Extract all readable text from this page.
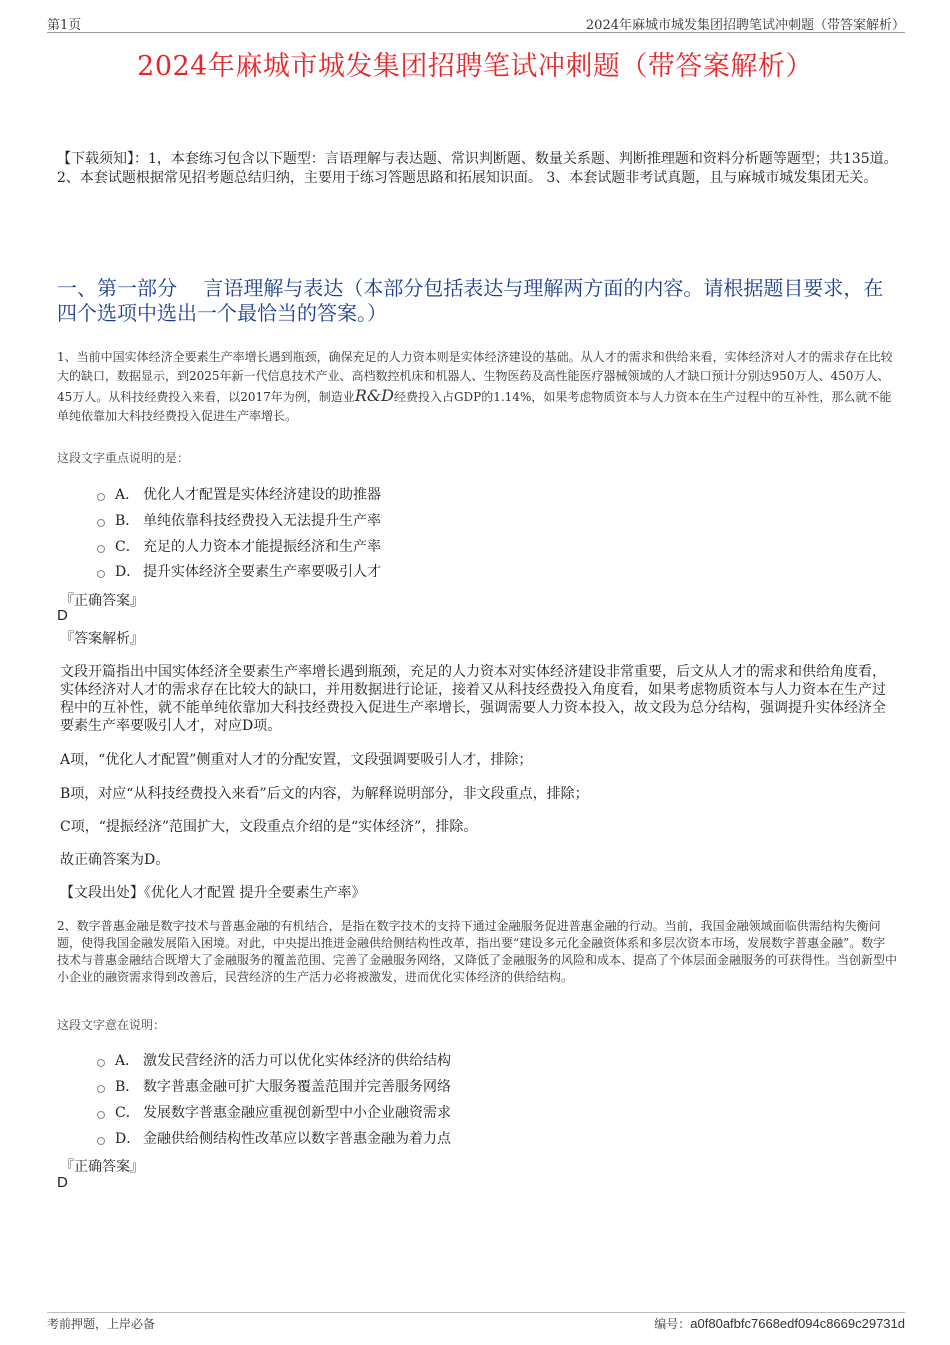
第1页	2024年麻城市城发集团招聘笔试冲刺题（带答案解析）
2024年麻城市城发集团招聘笔试冲刺题（带答案解析）
【下载须知】：1，本套练习包含以下题型：言语理解与表达题、常识判断题、数量关系题、判断推理题和资料分析题等题型；共135道。 2、本套试题根据常见招考题总结归纳，主要用于练习答题思路和拓展知识面。 3、本套试题非考试真题，且与麻城市城发集团无关。
一、第一部分　 言语理解与表达（本部分包括表达与理解两方面的内容。请根据题目要求，在四个选项中选出一个最恰当的答案。）
1、当前中国实体经济全要素生产率增长遇到瓶颈，确保充足的人力资本则是实体经济建设的基础。从人才的需求和供给来看，实体经济对人才的需求存在比较大的缺口，数据显示，到2025年新一代信息技术产业、高档数控机床和机器人、生物医药及高性能医疗器械领域的人才缺口预计分别达950万人、450万人、45万人。从科技经费投入来看，以2017年为例，制造业R&D经费投入占GDP的1.14%，如果考虑物质资本与人力资本在生产过程中的互补性，那么就不能单纯依靠加大科技经费投入促进生产率增长。
这段文字重点说明的是：
A． 优化人才配置是实体经济建设的助推器
B． 单纯依靠科技经费投入无法提升生产率
C． 充足的人力资本才能提振经济和生产率
D． 提升实体经济全要素生产率要吸引人才
『正确答案』
D
『答案解析』
文段开篇指出中国实体经济全要素生产率增长遇到瓶颈，充足的人力资本对实体经济建设非常重要，后文从人才的需求和供给角度看，实体经济对人才的需求存在比较大的缺口，并用数据进行论证，接着又从科技经费投入角度看，如果考虑物质资本与人力资本在生产过程中的互补性，就不能单纯依靠加大科技经费投入促进生产率增长，强调需要人力资本投入，故文段为总分结构，强调提升实体经济全要素生产率要吸引人才，对应D项。
A项，“优化人才配置”侧重对人才的分配安置，文段强调要吸引人才，排除；
B项，对应“从科技经费投入来看”后文的内容，为解释说明部分，非文段重点，排除；
C项，“提振经济”范围扩大，文段重点介绍的是“实体经济”，排除。
故正确答案为D。
【文段出处】《优化人才配置 提升全要素生产率》
2、数字普惠金融是数字技术与普惠金融的有机结合，是指在数字技术的支持下通过金融服务促进普惠金融的行动。当前，我国金融领域面临供需结构失衡问题，使得我国金融发展陷入困境。对此，中央提出推进金融供给侧结构性改革，指出要“建设多元化金融资体系和多层次资本市场，发展数字普惠金融”。数字技术与普惠金融结合既增大了金融服务的覆盖范围、完善了金融服务网络，又降低了金融服务的风险和成本、提高了个体层面金融服务的可获得性。当创新型中小企业的融资需求得到改善后，民营经济的生产活力必将被激发，进而优化实体经济的供给结构。
这段文字意在说明：
A． 激发民营经济的活力可以优化实体经济的供给结构
B． 数字普惠金融可扩大服务覆盖范围并完善服务网络
C． 发展数字普惠金融应重视创新型中小企业融资需求
D． 金融供给侧结构性改革应以数字普惠金融为着力点
『正确答案』
D
考前押题，上岸必备	编号：a0f80afbfc7668edf094c8669c29731d
